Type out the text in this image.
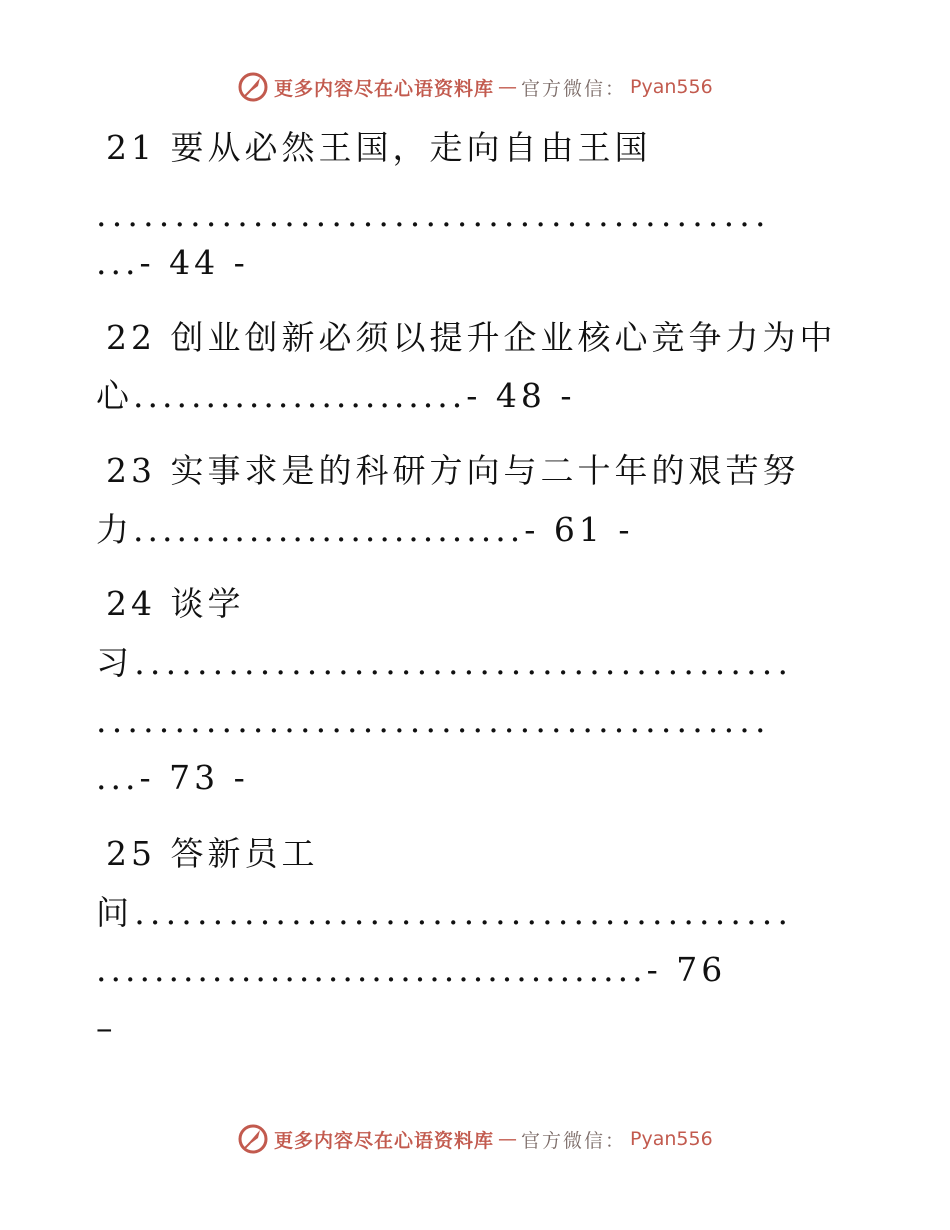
更多内容尽在心语资料库 — 官方微信： Pyan556
21 要从必然王国，走向自由王国
...........................................
...- 44 -
22 创业创新必须以提升企业核心竞争力为中
心.......................- 48 -
23 实事求是的科研方向与二十年的艰苦努
力...........................- 61 -
24 谈学
习..........................................
...........................................
...- 73 -
25 答新员工
问..........................................
......................................- 76
–
更多内容尽在心语资料库 — 官方微信： Pyan556
